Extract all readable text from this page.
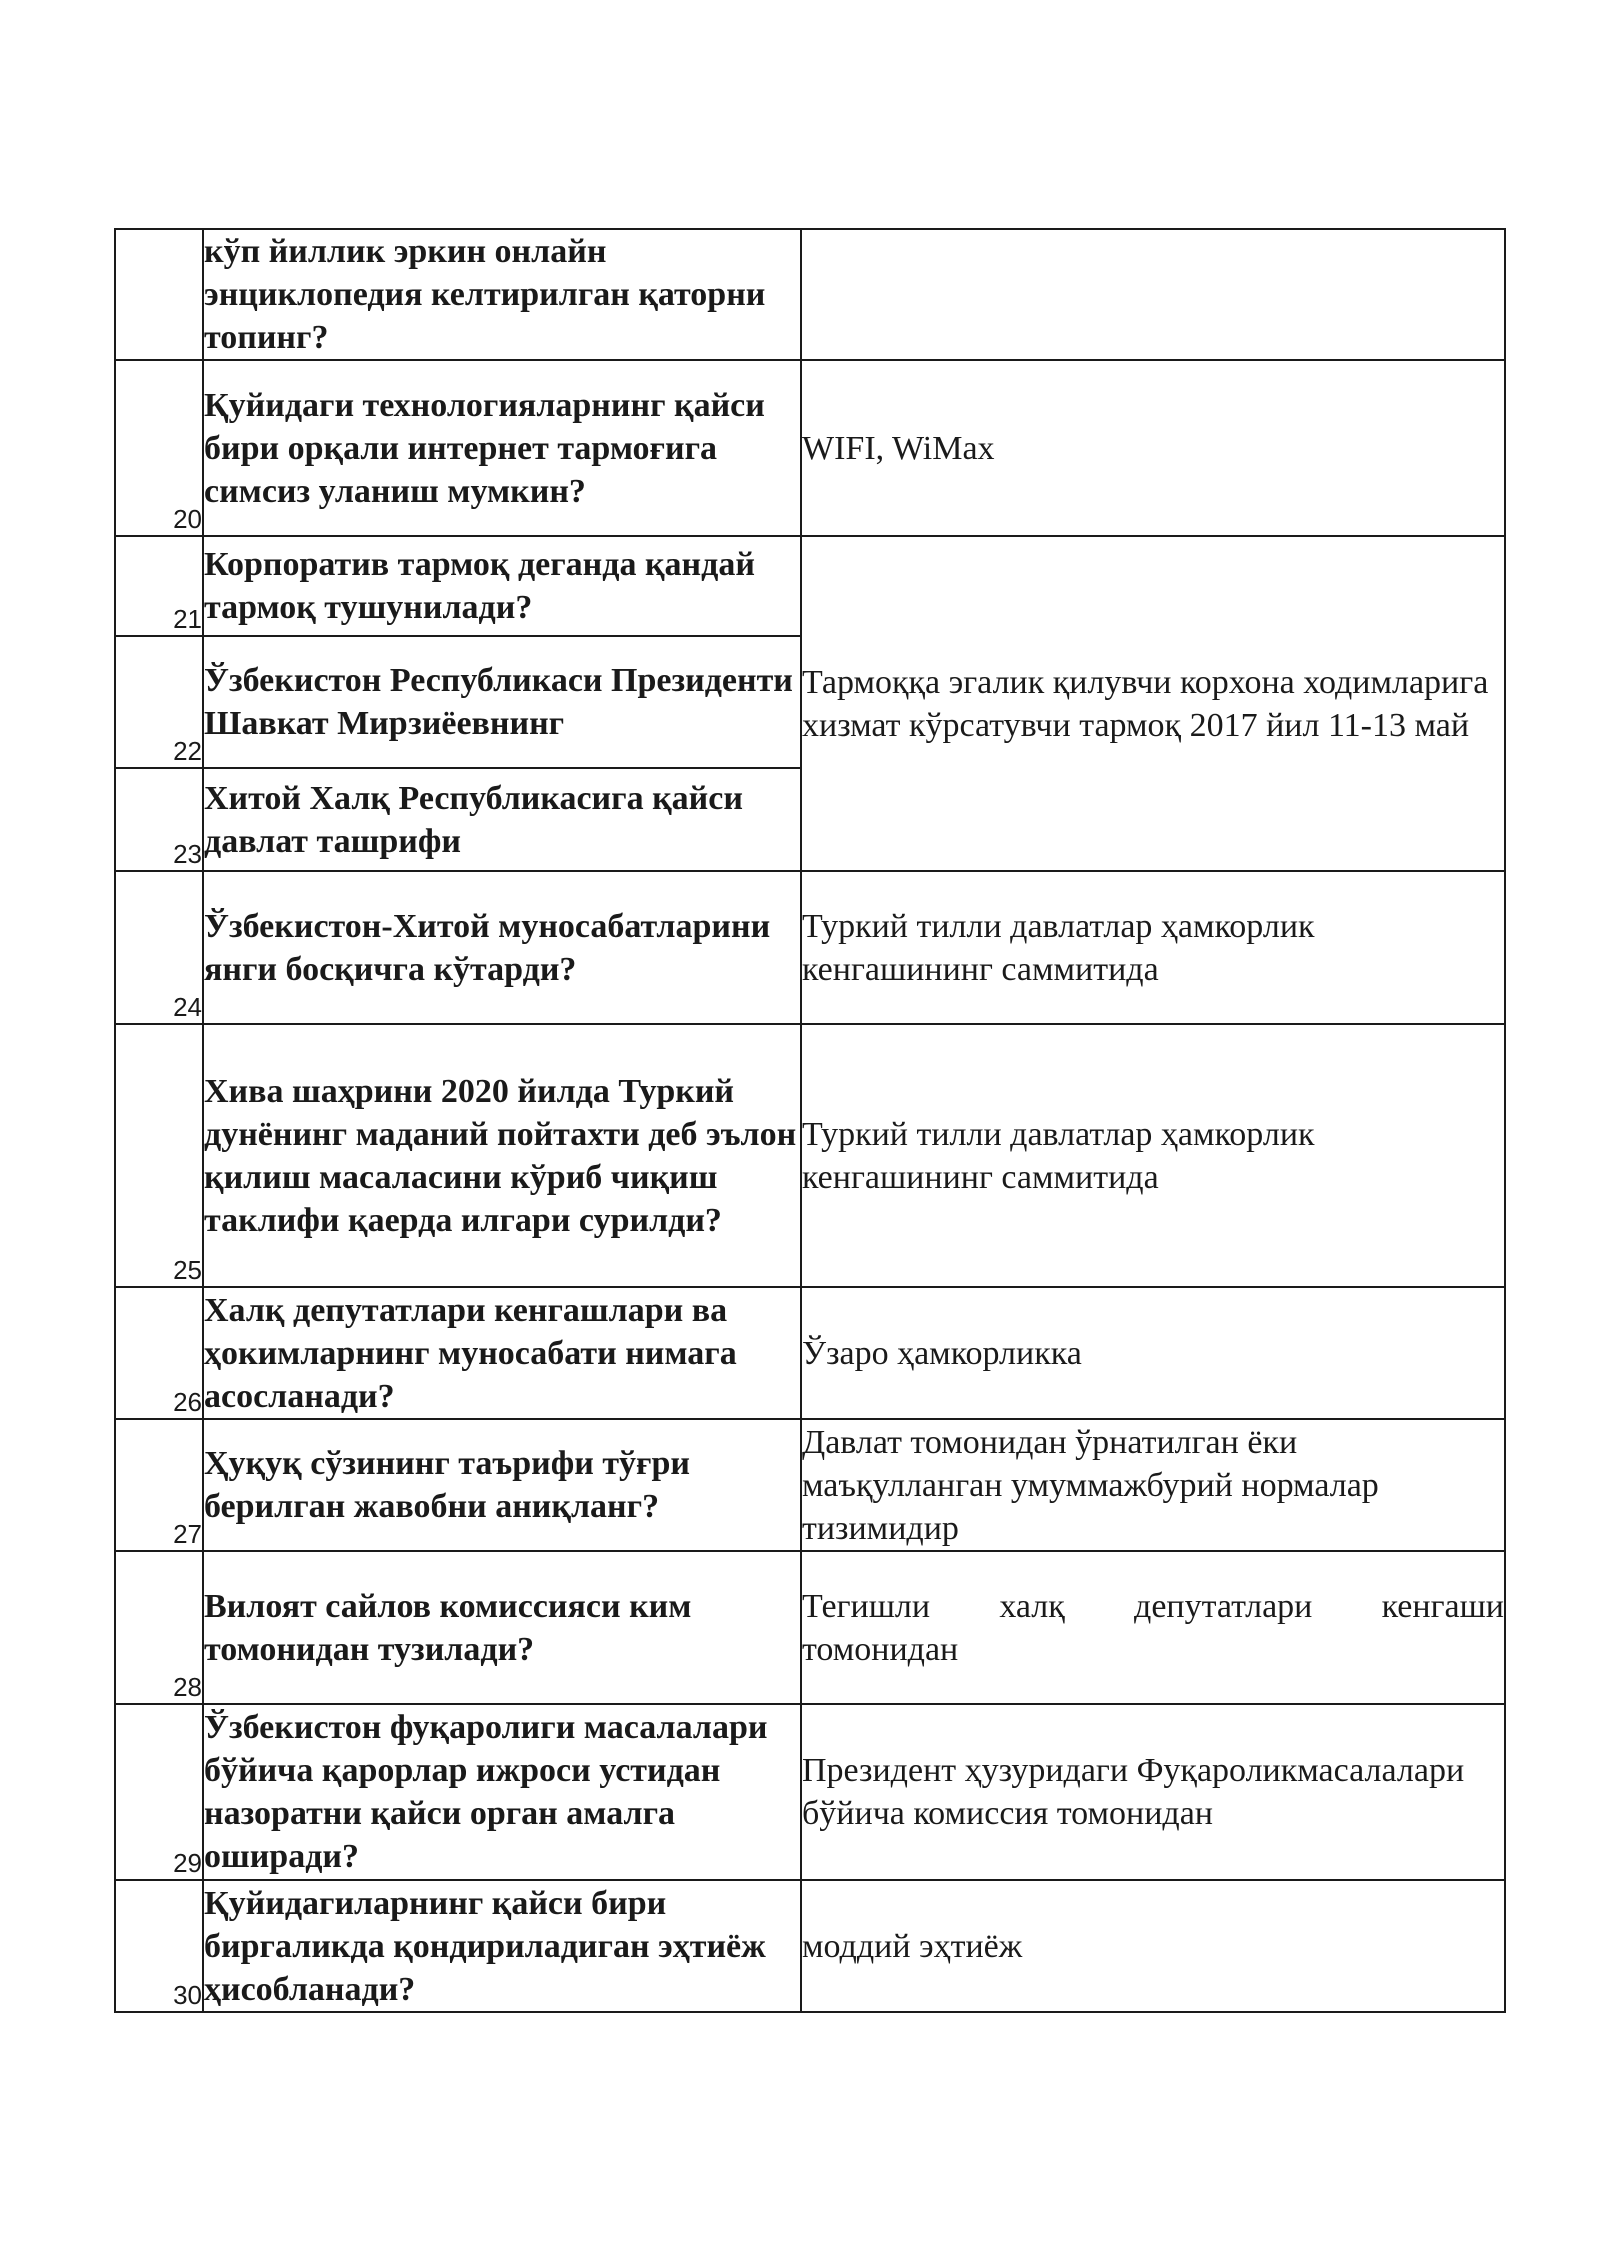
	кўп йиллик эркин онлайн энциклопедия келтирилган қаторни топинг?	
20	Қуйидаги технологияларнинг қайси бири орқали интернет тармоғига симсиз уланиш мумкин?	WIFI, WiMax
21	Корпоратив тармоқ деганда қандай тармоқ тушунилади?	Тармоққа эгалик қилувчи корхона ходимларига хизмат кўрсатувчи тармоқ 2017 йил 11-13 май
22	Ўзбекистон Республикаси Президенти Шавкат Мирзиёевнинг	
23	Хитой Халқ Республикасига қайси давлат ташрифи	
24	Ўзбекистон-Хитой муносабатларини янги босқичга кўтарди?	Туркий тилли давлатлар ҳамкорлик кенгашининг саммитида
25	Хива шаҳрини 2020 йилда Туркий дунёнинг маданий пойтахти деб эълон қилиш масаласини кўриб чиқиш таклифи қаерда илгари сурилди?	Туркий тилли давлатлар ҳамкорлик кенгашининг саммитида
26	Халқ депутатлари кенгашлари ва ҳокимларнинг муносабати нимага асосланади?	Ўзаро ҳамкорликка
27	Ҳуқуқ сўзининг таърифи тўғри берилган жавобни аниқланг?	Давлат томонидан ўрнатилган ёки маъқулланган умуммажбурий нормалар тизимидир
28	Вилоят сайлов комиссияси ким томонидан тузилади?	Тегишли халқ депутатлари кенгаши
томонидан

29	Ўзбекистон фуқаролиги масалалари бўйича қарорлар ижроси устидан назоратни қайси орган амалга оширади?	Президент ҳузуридаги Фуқароликмасалалари бўйича комиссия томонидан
30	Қуйидагиларнинг қайси бири биргаликда қондириладиган эҳтиёж ҳисобланади?	моддий эҳтиёж
